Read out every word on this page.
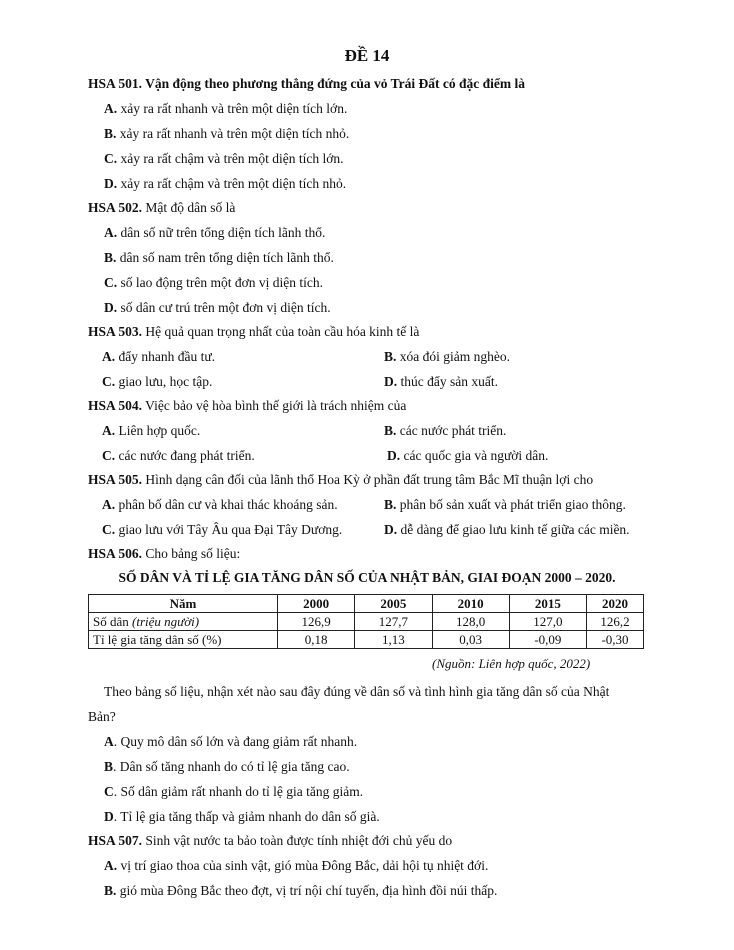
ĐỀ 14
HSA 501. Vận động theo phương thẳng đứng của vỏ Trái Đất có đặc điểm là
A. xảy ra rất nhanh và trên một diện tích lớn.
B. xảy ra rất nhanh và trên một diện tích nhỏ.
C. xảy ra rất chậm và trên một diện tích lớn.
D. xảy ra rất chậm và trên một diện tích nhỏ.
HSA 502. Mật độ dân số là
A. dân số nữ trên tổng diện tích lãnh thổ.
B. dân số nam trên tổng diện tích lãnh thổ.
C. số lao động trên một đơn vị diện tích.
D. số dân cư trú trên một đơn vị diện tích.
HSA 503. Hệ quả quan trọng nhất của toàn cầu hóa kinh tế là
A. đẩy nhanh đầu tư.	B. xóa đói giảm nghèo.
C. giao lưu, học tập.	D. thúc đẩy sản xuất.
HSA 504. Việc bảo vệ hòa bình thế giới là trách nhiệm của
A. Liên hợp quốc.	B. các nước phát triển.
C. các nước đang phát triển.	D. các quốc gia và người dân.
HSA 505. Hình dạng cân đối của lãnh thổ Hoa Kỳ ở phần đất trung tâm Bắc Mĩ thuận lợi cho
A. phân bố dân cư và khai thác khoáng sản.	B. phân bố sản xuất và phát triển giao thông.
C. giao lưu với Tây Âu qua Đại Tây Dương.	D. dễ dàng để giao lưu kinh tế giữa các miền.
HSA 506. Cho bảng số liệu:
SỐ DÂN VÀ TỈ LỆ GIA TĂNG DÂN SỐ CỦA NHẬT BẢN, GIAI ĐOẠN 2000 – 2020.
Năm	2000	2005	2010	2015	2020
Số dân (triệu người)	126,9	127,7	128,0	127,0	126,2
Tỉ lệ gia tăng dân số (%)	0,18	1,13	0,03	-0,09	-0,30
(Nguồn: Liên hợp quốc, 2022)
Theo bảng số liệu, nhận xét nào sau đây đúng về dân số và tình hình gia tăng dân số của Nhật
Bản?
A. Quy mô dân số lớn và đang giảm rất nhanh.
B. Dân số tăng nhanh do có tỉ lệ gia tăng cao.
C. Số dân giảm rất nhanh do tỉ lệ gia tăng giảm.
D. Tỉ lệ gia tăng thấp và giảm nhanh do dân số già.
HSA 507. Sinh vật nước ta bảo toàn được tính nhiệt đới chủ yếu do
A. vị trí giao thoa của sinh vật, gió mùa Đông Bắc, dải hội tụ nhiệt đới.
B. gió mùa Đông Bắc theo đợt, vị trí nội chí tuyến, địa hình đồi núi thấp.
